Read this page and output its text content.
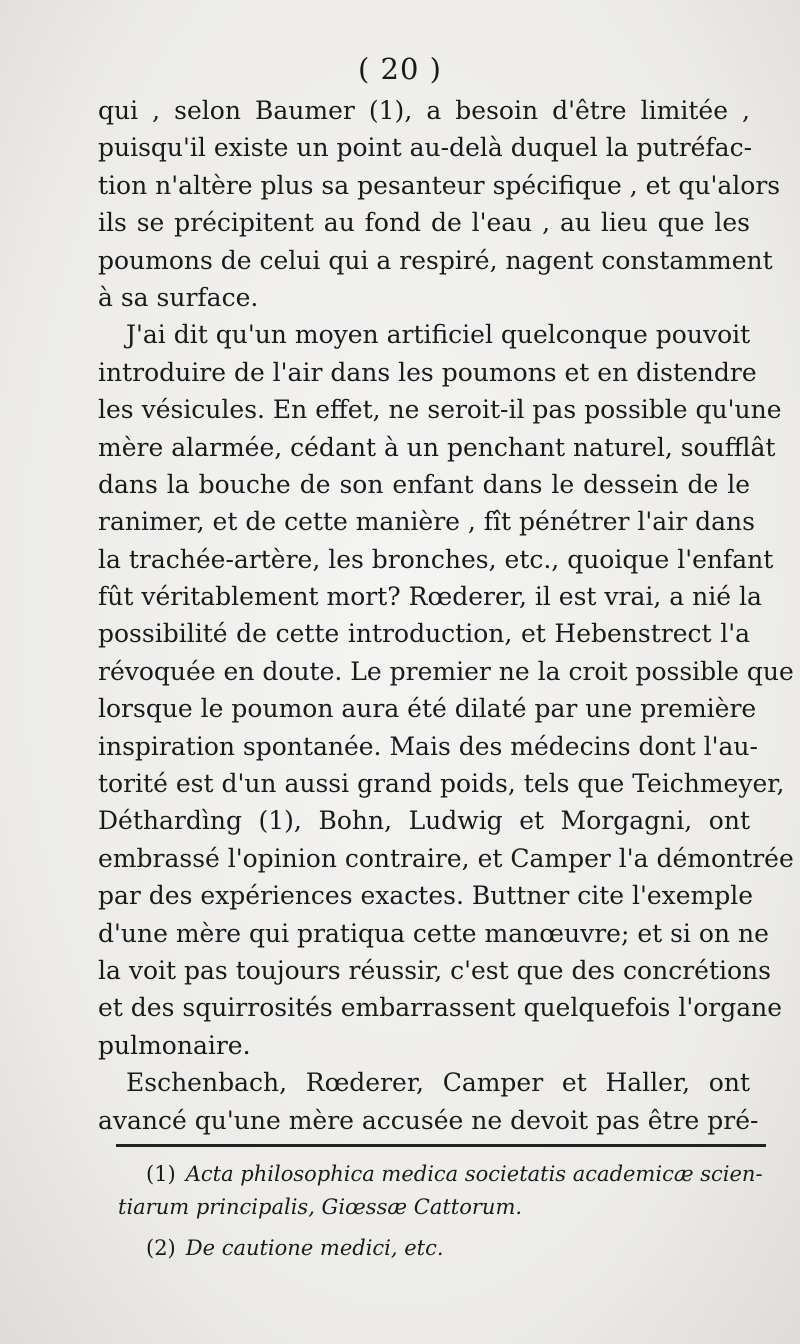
( 20 )
qui , selon Baumer (1), a besoin d'être limitée ,
puisqu'il existe un point au-delà duquel la putréfac-
tion n'altère plus sa pesanteur spécifique , et qu'alors
ils se précipitent au fond de l'eau , au lieu que les
poumons de celui qui a respiré, nagent constamment
à sa surface.
J'ai dit qu'un moyen artificiel quelconque pouvoit
introduire de l'air dans les poumons et en distendre
les vésicules. En effet, ne seroit-il pas possible qu'une
mère alarmée, cédant à un penchant naturel, soufflât
dans la bouche de son enfant dans le dessein de le
ranimer, et de cette manière , fît pénétrer l'air dans
la trachée-artère, les bronches, etc., quoique l'enfant
fût véritablement mort? Rœderer, il est vrai, a nié la
possibilité de cette introduction, et Hebenstrect l'a
révoquée en doute. Le premier ne la croit possible que
lorsque le poumon aura été dilaté par une première
inspiration spontanée. Mais des médecins dont l'au-
torité est d'un aussi grand poids, tels que Teichmeyer,
Déthardìng (1), Bohn, Ludwig et Morgagni, ont
embrassé l'opinion contraire, et Camper l'a démontrée
par des expériences exactes. Buttner cite l'exemple
d'une mère qui pratiqua cette manœuvre; et si on ne
la voit pas toujours réussir, c'est que des concrétions
et des squirrosités embarrassent quelquefois l'organe
pulmonaire.
Eschenbach, Rœderer, Camper et Haller, ont
avancé qu'une mère accusée ne devoit pas être pré-
(1) Acta philosophica medica societatis academicæ scien-
tiarum principalis, Giœssæ Cattorum.
(2) De cautione medici, etc.
